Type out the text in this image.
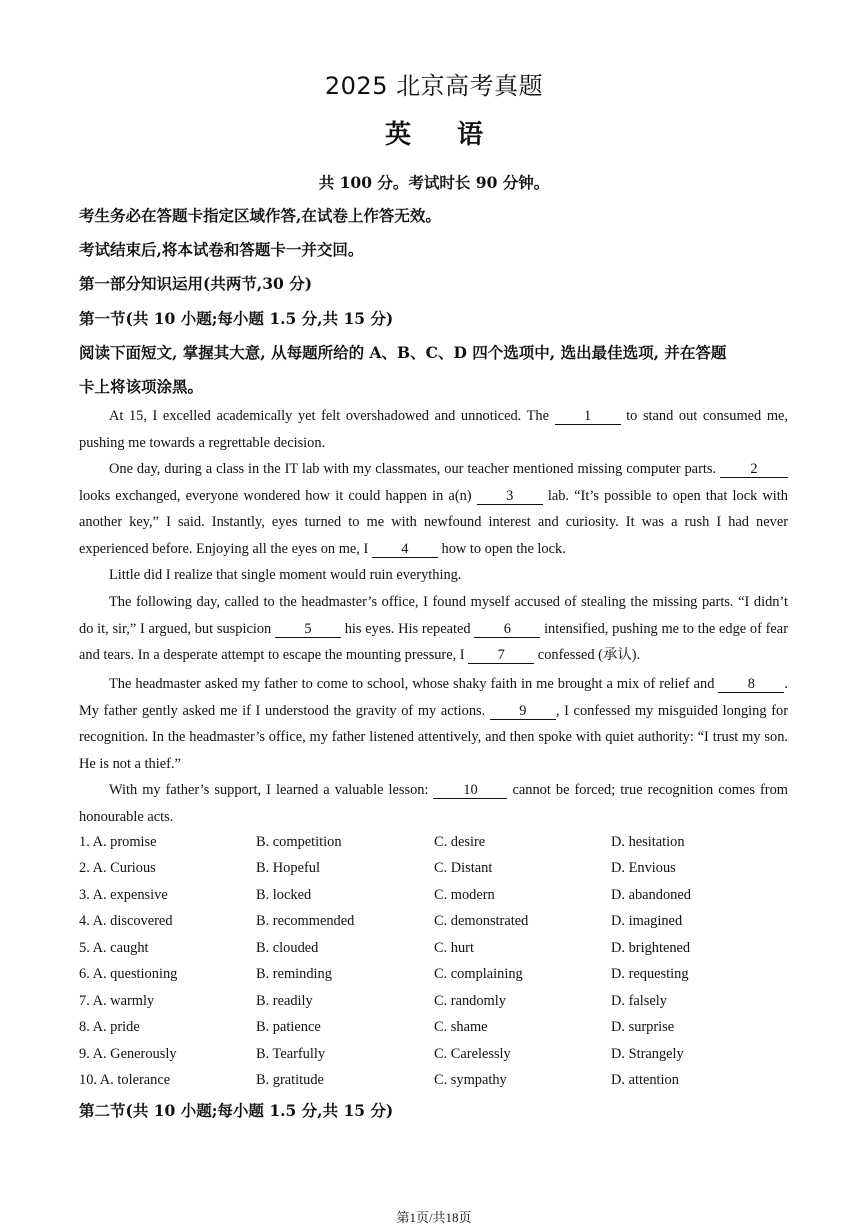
2025 北京高考真题
英语
共 100 分。考试时长 90 分钟。
考生务必在答题卡指定区域作答,在试卷上作答无效。
考试结束后,将本试卷和答题卡一并交回。
第一部分知识运用(共两节,30 分)
第一节(共 10 小题;每小题 1.5 分,共 15 分)
阅读下面短文, 掌握其大意, 从每题所给的 A、B、C、D 四个选项中, 选出最佳选项, 并在答题
卡上将该项涂黑。
At 15, I excelled academically yet felt overshadowed and unnoticed. The 1 to stand out consumed me, pushing me towards a regrettable decision.
One day, during a class in the IT lab with my classmates, our teacher mentioned missing computer parts. 2 looks exchanged, everyone wondered how it could happen in a(n) 3 lab. “It’s possible to open that lock with another key,” I said. Instantly, eyes turned to me with newfound interest and curiosity. It was a rush I had never experienced before. Enjoying all the eyes on me, I 4 how to open the lock.
Little did I realize that single moment would ruin everything.
The following day, called to the headmaster’s office, I found myself accused of stealing the missing parts. “I didn’t do it, sir,” I argued, but suspicion 5 his eyes. His repeated 6 intensified, pushing me to the edge of fear and tears. In a desperate attempt to escape the mounting pressure, I 7 confessed (承认).
The headmaster asked my father to come to school, whose shaky faith in me brought a mix of relief and 8 . My father gently asked me if I understood the gravity of my actions. 9 , I confessed my misguided longing for recognition. In the headmaster’s office, my father listened attentively, and then spoke with quiet authority: “I trust my son. He is not a thief.”
With my father’s support, I learned a valuable lesson: 10 cannot be forced; true recognition comes from honourable acts.
1. A. promise	B. competition	C. desire	D. hesitation
2. A. Curious	B. Hopeful	C. Distant	D. Envious
3. A. expensive	B. locked	C. modern	D. abandoned
4. A. discovered	B. recommended	C. demonstrated	D. imagined
5. A. caught	B. clouded	C. hurt	D. brightened
6. A. questioning	B. reminding	C. complaining	D. requesting
7. A. warmly	B. readily	C. randomly	D. falsely
8. A. pride	B. patience	C. shame	D. surprise
9. A. Generously	B. Tearfully	C. Carelessly	D. Strangely
10. A. tolerance	B. gratitude	C. sympathy	D. attention
第二节(共 10 小题;每小题 1.5 分,共 15 分)
第1页/共18页
